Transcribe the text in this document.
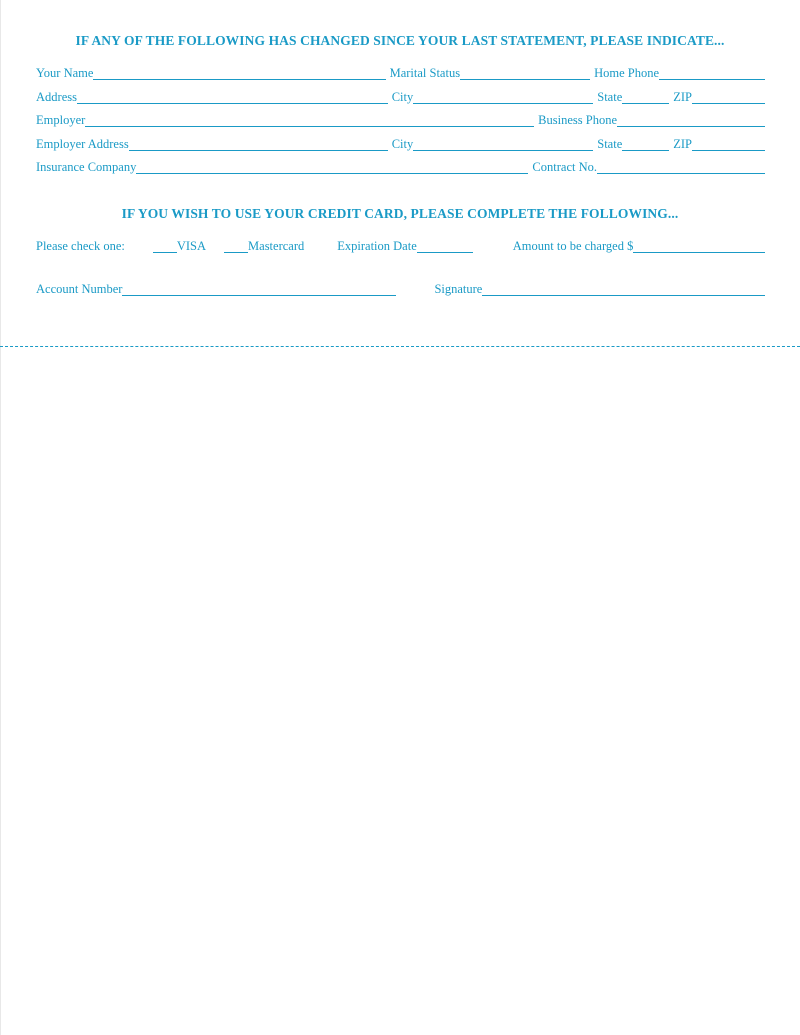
IF ANY OF THE FOLLOWING HAS CHANGED SINCE YOUR LAST STATEMENT, PLEASE INDICATE...
Your Name	Marital Status	Home Phone
Address	City	State	ZIP
Employer	Business Phone
Employer Address	City	State	ZIP
Insurance Company	Contract No.
IF YOU WISH TO USE YOUR CREDIT CARD, PLEASE COMPLETE THE FOLLOWING...
Please check one:	VISA	Mastercard	Expiration Date	Amount to be charged $
Account Number	Signature
